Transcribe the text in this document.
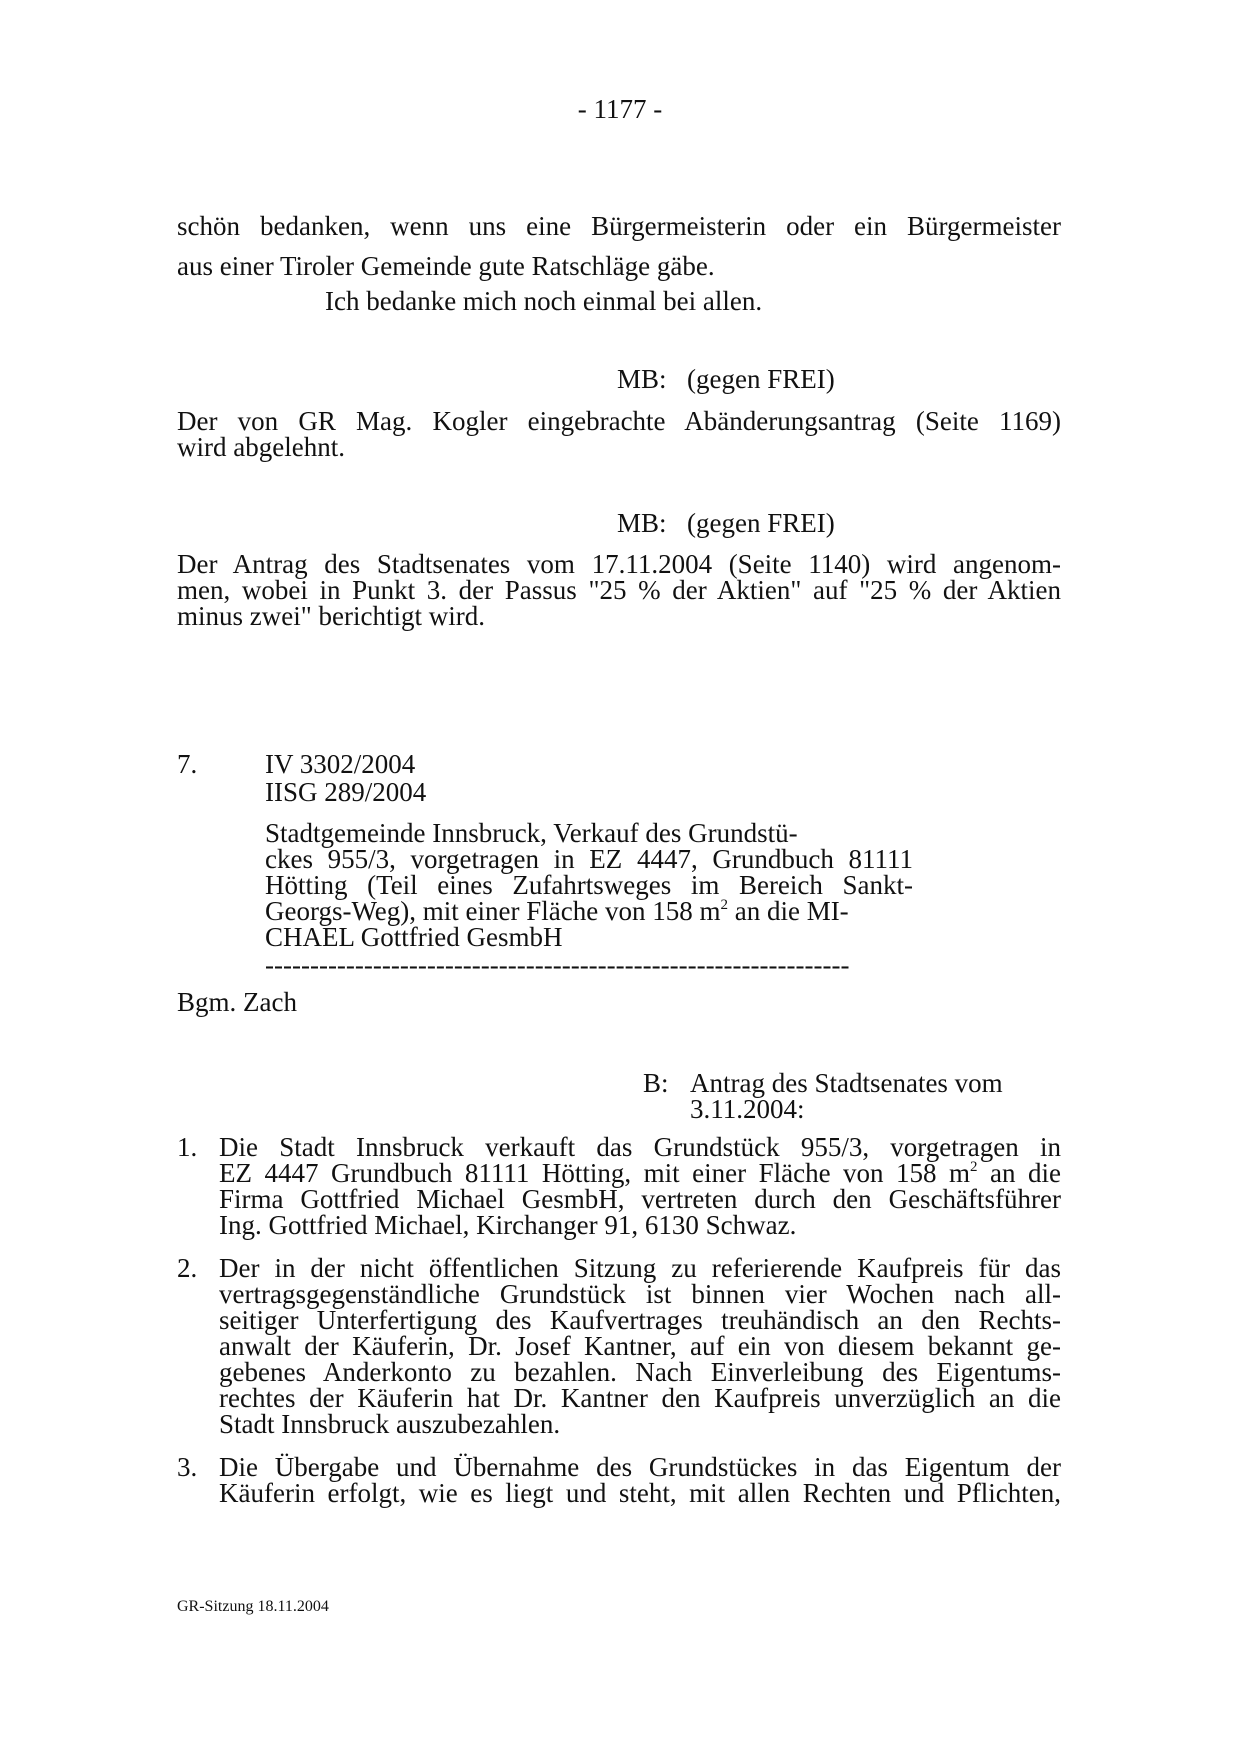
- 1177 -
schön bedanken, wenn uns eine Bürgermeisterin oder ein Bürgermeister
aus einer Tiroler Gemeinde gute Ratschläge gäbe.
Ich bedanke mich noch einmal bei allen.
MB: (gegen FREI)
Der von GR Mag. Kogler eingebrachte Abänderungsantrag (Seite 1169)
wird abgelehnt.
MB: (gegen FREI)
Der Antrag des Stadtsenates vom 17.11.2004 (Seite 1140) wird angenom-
men, wobei in Punkt 3. der Passus "25 % der Aktien" auf "25 % der Aktien
minus zwei" berichtigt wird.
7.	IV 3302/2004
IISG 289/2004
Stadtgemeinde Innsbruck, Verkauf des Grundstü-
ckes 955/3, vorgetragen in EZ 4447, Grundbuch 81111
Hötting (Teil eines Zufahrtsweges im Bereich Sankt-
Georgs-Weg), mit einer Fläche von 158 $m^2$ an die MI-
CHAEL Gottfried GesmbH
-----------------------------------------------------------------
Bgm. Zach
B: Antrag des Stadtsenates vom
3.11.2004:
1. Die Stadt Innsbruck verkauft das Grundstück 955/3, vorgetragen in
EZ 4447 Grundbuch 81111 Hötting, mit einer Fläche von 158 $m^2$ an die
Firma Gottfried Michael GesmbH, vertreten durch den Geschäftsführer
Ing. Gottfried Michael, Kirchanger 91, 6130 Schwaz.
2. Der in der nicht öffentlichen Sitzung zu referierende Kaufpreis für das
vertragsgegenständliche Grundstück ist binnen vier Wochen nach all-
seitiger Unterfertigung des Kaufvertrages treuhändisch an den Rechts-
anwalt der Käuferin, Dr. Josef Kantner, auf ein von diesem bekannt ge-
gebenes Anderkonto zu bezahlen. Nach Einverleibung des Eigentums-
rechtes der Käuferin hat Dr. Kantner den Kaufpreis unverzüglich an die
Stadt Innsbruck auszubezahlen.
3. Die Übergabe und Übernahme des Grundstückes in das Eigentum der
Käuferin erfolgt, wie es liegt und steht, mit allen Rechten und Pflichten,
GR-Sitzung 18.11.2004
